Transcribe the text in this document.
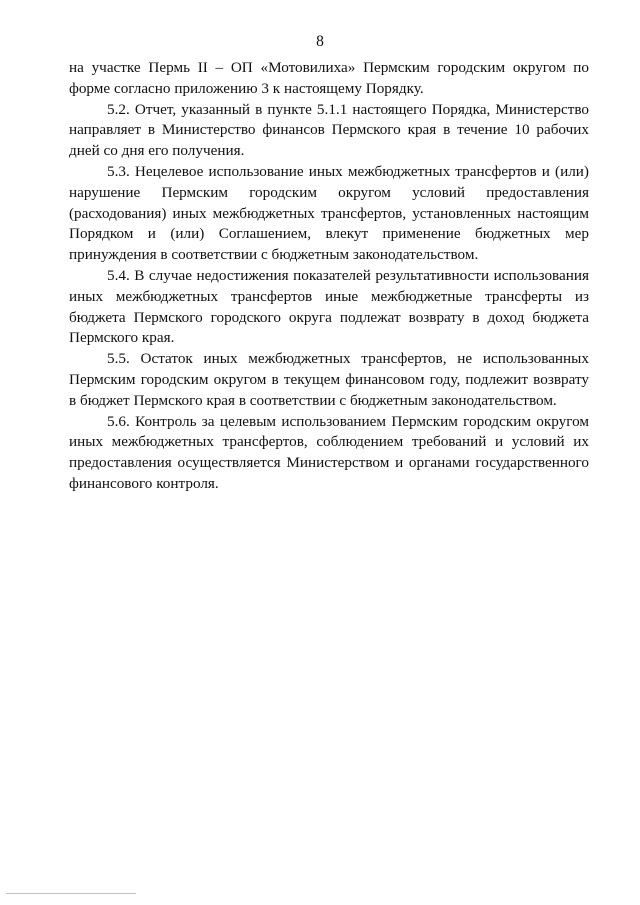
8

на участке Пермь II – ОП «Мотовилиха» Пермским городским округом по форме согласно приложению 3 к настоящему Порядку.

5.2. Отчет, указанный в пункте 5.1.1 настоящего Порядка, Министерство направляет в Министерство финансов Пермского края в течение 10 рабочих дней со дня его получения.

5.3. Нецелевое использование иных межбюджетных трансфертов и (или) нарушение Пермским городским округом условий предоставления (расходования) иных межбюджетных трансфертов, установленных настоящим Порядком и (или) Соглашением, влекут применение бюджетных мер принуждения в соответствии с бюджетным законодательством.

5.4. В случае недостижения показателей результативности использования иных межбюджетных трансфертов иные межбюджетные трансферты из бюджета Пермского городского округа подлежат возврату в доход бюджета Пермского края.

5.5. Остаток иных межбюджетных трансфертов, не использованных Пермским городским округом в текущем финансовом году, подлежит возврату в бюджет Пермского края в соответствии с бюджетным законодательством.

5.6. Контроль за целевым использованием Пермским городским округом иных межбюджетных трансфертов, соблюдением требований и условий их предоставления осуществляется Министерством и органами государственного финансового контроля.
